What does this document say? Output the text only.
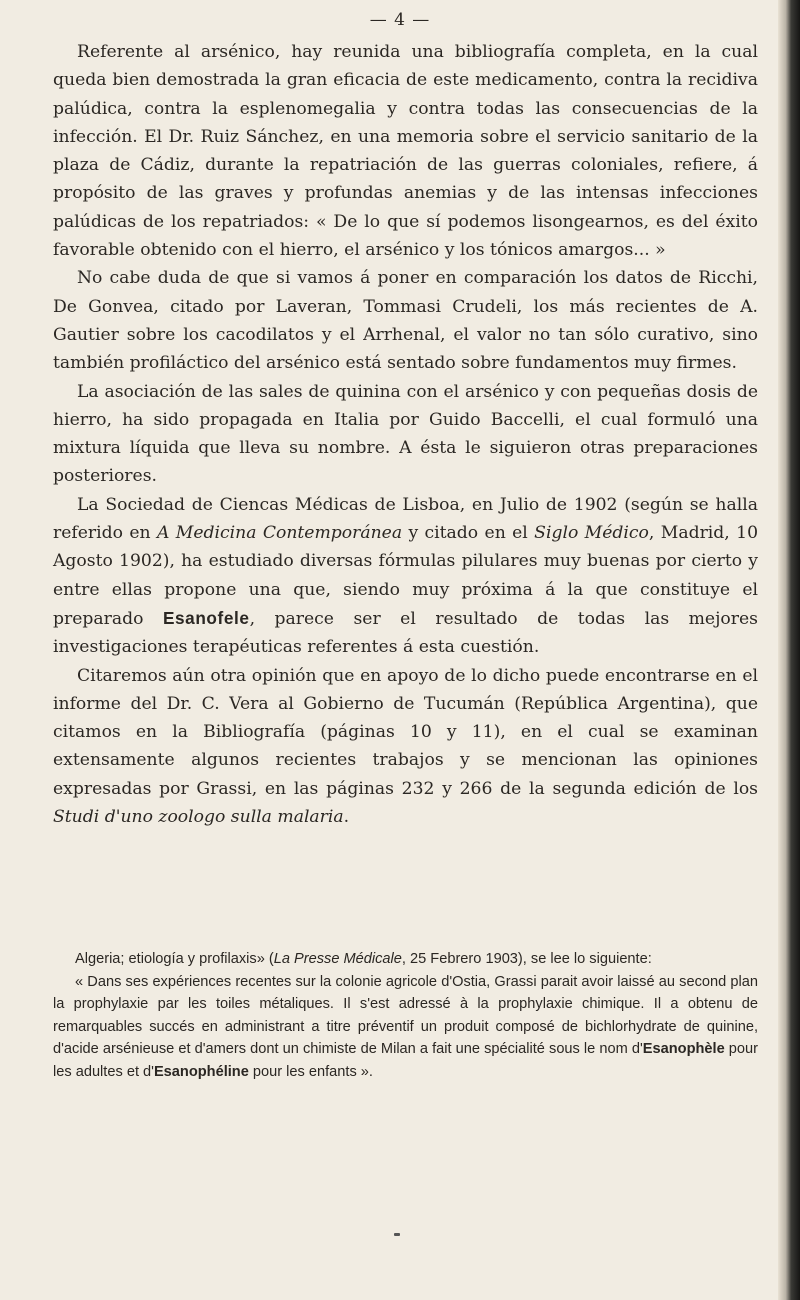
— 4 —

Referente al arsénico, hay reunida una bibliografía completa, en la cual queda bien demostrada la gran eficacia de este medicamento, contra la recidiva palúdica, contra la esplenomegalia y contra todas las consecuencias de la infección. El Dr. Ruiz Sánchez, en una memoria sobre el servicio sanitario de la plaza de Cádiz, durante la repatriación de las guerras coloniales, refiere, á propósito de las graves y profundas anemias y de las intensas infecciones palúdicas de los repatriados: « De lo que sí podemos lisongearnos, es del éxito favorable obtenido con el hierro, el arsénico y los tónicos amargos... »

No cabe duda de que si vamos á poner en comparación los datos de Ricchi, De Gonvea, citado por Laveran, Tommasi Crudeli, los más recientes de A. Gautier sobre los cacodilatos y el Arrhenal, el valor no tan sólo curativo, sino también profiláctico del arsénico está sentado sobre fundamentos muy firmes.

La asociación de las sales de quinina con el arsénico y con pequeñas dosis de hierro, ha sido propagada en Italia por Guido Baccelli, el cual formuló una mixtura líquida que lleva su nombre. A ésta le siguieron otras preparaciones posteriores.

La Sociedad de Ciencas Médicas de Lisboa, en Julio de 1902 (según se halla referido en A Medicina Contemporánea y citado en el Siglo Médico, Madrid, 10 Agosto 1902), ha estudiado diversas fórmulas pilulares muy buenas por cierto y entre ellas propone una que, siendo muy próxima á la que constituye el preparado Esanofele, parece ser el resultado de todas las mejores investigaciones terapéuticas referentes á esta cuestión.

Citaremos aún otra opinión que en apoyo de lo dicho puede encontrarse en el informe del Dr. C. Vera al Gobierno de Tucumán (República Argentina), que citamos en la Bibliografía (páginas 10 y 11), en el cual se examinan extensamente algunos recientes trabajos y se mencionan las opiniones expresadas por Grassi, en las páginas 232 y 266 de la segunda edición de los Studi d'uno zoologo sulla malaria.

Algeria; etiología y profilaxis» (La Presse Médicale, 25 Febrero 1903), se lee lo siguiente:

« Dans ses expériences recentes sur la colonie agricole d'Ostia, Grassi parait avoir laissé au second plan la prophylaxie par les toiles métaliques. Il s'est adressé à la prophylaxie chimique. Il a obtenu de remarquables succés en administrant a titre préventif un produit composé de bichlorhydrate de quinine, d'acide arsénieuse et d'amers dont un chimiste de Milan a fait une spécialité sous le nom d'Esanophèle pour les adultes et d'Esanophéline pour les enfants ».
